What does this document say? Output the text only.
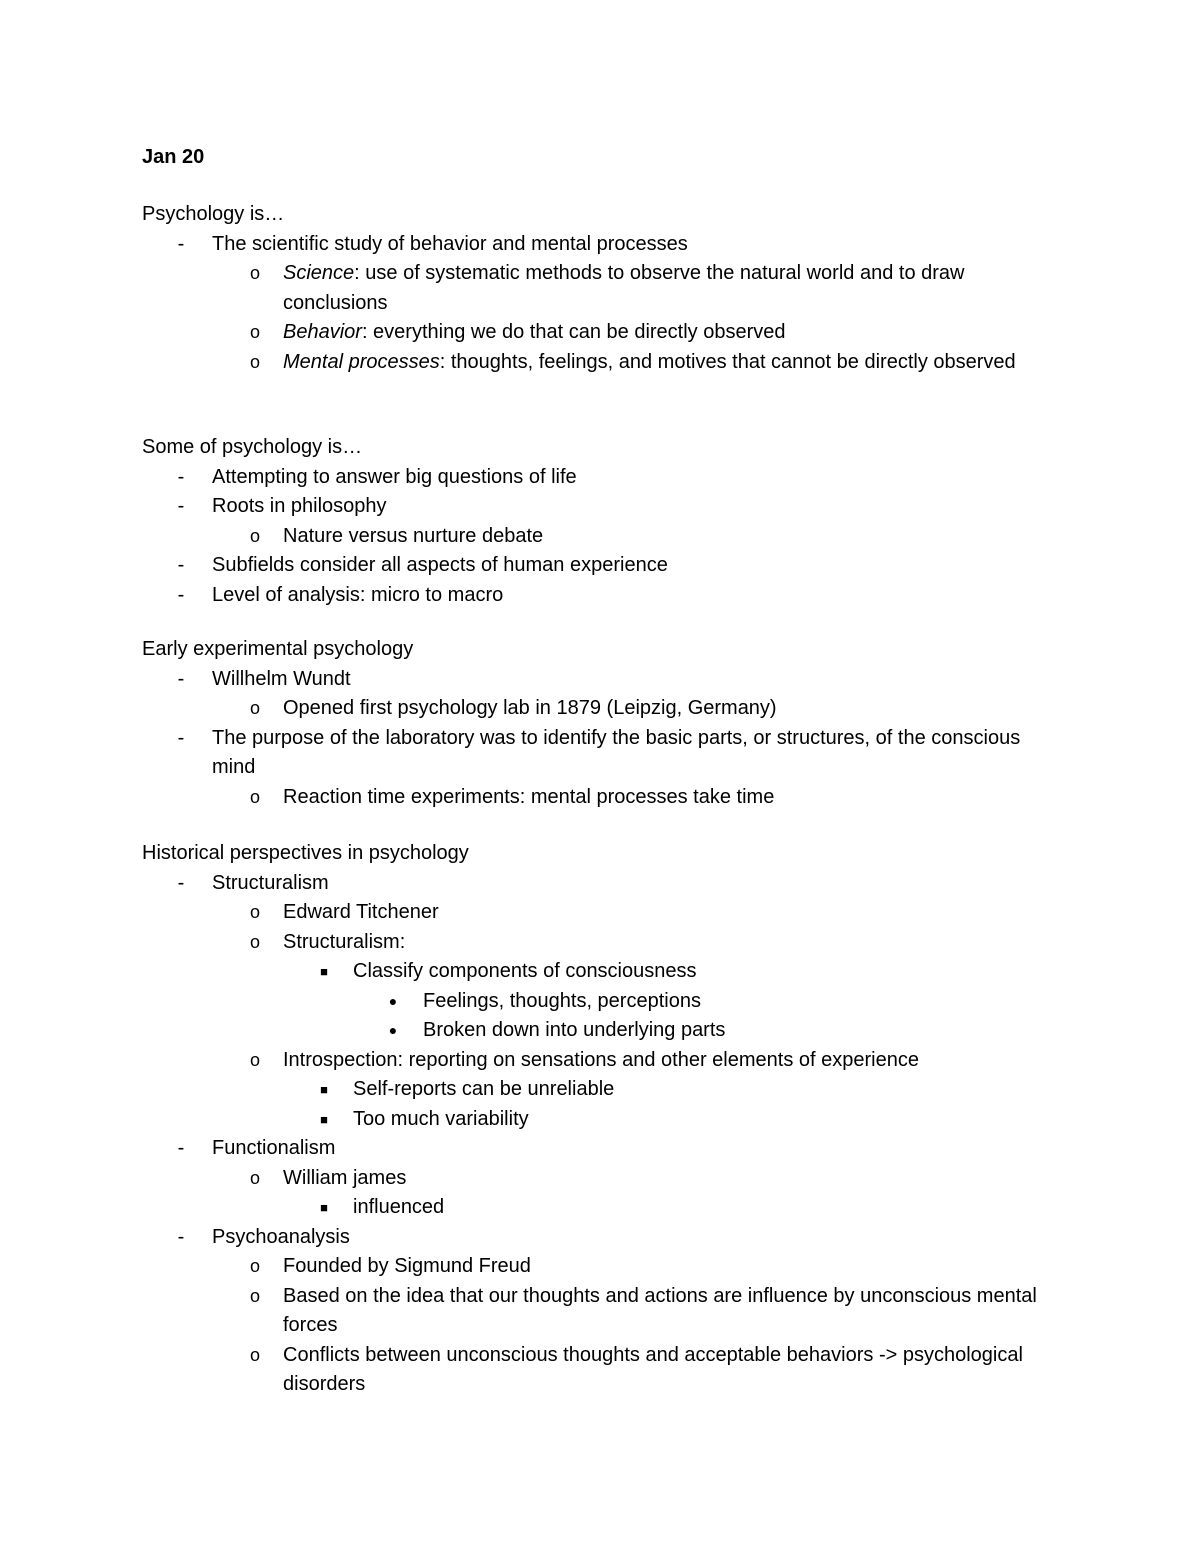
Jan 20
Psychology is…
- The scientific study of behavior and mental processes
o Science: use of systematic methods to observe the natural world and to draw conclusions
o Behavior: everything we do that can be directly observed
o Mental processes: thoughts, feelings, and motives that cannot be directly observed
Some of psychology is…
- Attempting to answer big questions of life
- Roots in philosophy
o Nature versus nurture debate
- Subfields consider all aspects of human experience
- Level of analysis: micro to macro
Early experimental psychology
- Willhelm Wundt
o Opened first psychology lab in 1879 (Leipzig, Germany)
- The purpose of the laboratory was to identify the basic parts, or structures, of the conscious mind
o Reaction time experiments: mental processes take time
Historical perspectives in psychology
- Structuralism
o Edward Titchener
o Structuralism:
■ Classify components of consciousness
● Feelings, thoughts, perceptions
● Broken down into underlying parts
o Introspection: reporting on sensations and other elements of experience
■ Self-reports can be unreliable
■ Too much variability
- Functionalism
o William james
■ influenced
- Psychoanalysis
o Founded by Sigmund Freud
o Based on the idea that our thoughts and actions are influence by unconscious mental forces
o Conflicts between unconscious thoughts and acceptable behaviors -> psychological disorders
